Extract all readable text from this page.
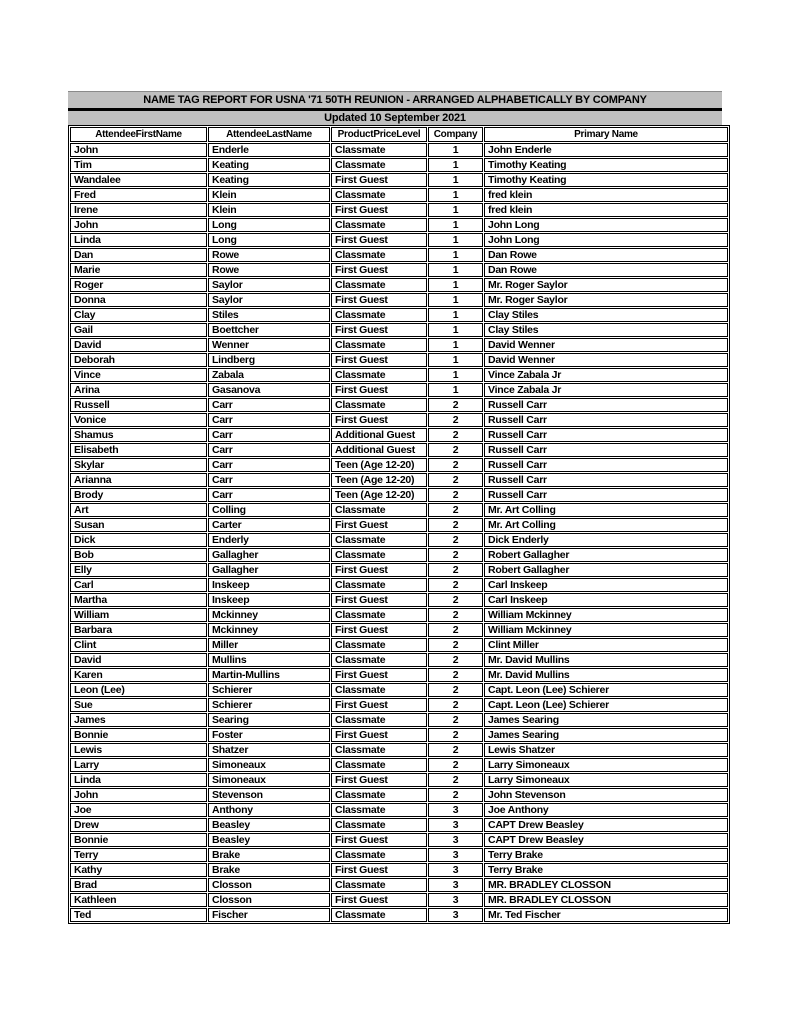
NAME TAG REPORT FOR USNA '71 50TH REUNION - ARRANGED ALPHABETICALLY BY COMPANY
Updated 10 September 2021
AttendeeFirstName	AttendeeLastName	ProductPriceLevel	Company	Primary Name
John	Enderle	Classmate	1	John Enderle
Tim	Keating	Classmate	1	Timothy Keating
Wandalee	Keating	First Guest	1	Timothy Keating
Fred	Klein	Classmate	1	fred klein
Irene	Klein	First Guest	1	fred klein
John	Long	Classmate	1	John Long
Linda	Long	First Guest	1	John Long
Dan	Rowe	Classmate	1	Dan Rowe
Marie	Rowe	First Guest	1	Dan Rowe
Roger	Saylor	Classmate	1	Mr. Roger Saylor
Donna	Saylor	First Guest	1	Mr. Roger Saylor
Clay	Stiles	Classmate	1	Clay Stiles
Gail	Boettcher	First Guest	1	Clay Stiles
David	Wenner	Classmate	1	David Wenner
Deborah	Lindberg	First Guest	1	David Wenner
Vince	Zabala	Classmate	1	Vince Zabala Jr
Arina	Gasanova	First Guest	1	Vince Zabala Jr
Russell	Carr	Classmate	2	Russell Carr
Vonice	Carr	First Guest	2	Russell Carr
Shamus	Carr	Additional Guest	2	Russell Carr
Elisabeth	Carr	Additional Guest	2	Russell Carr
Skylar	Carr	Teen (Age 12-20)	2	Russell Carr
Arianna	Carr	Teen (Age 12-20)	2	Russell Carr
Brody	Carr	Teen (Age 12-20)	2	Russell Carr
Art	Colling	Classmate	2	Mr. Art Colling
Susan	Carter	First Guest	2	Mr. Art Colling
Dick	Enderly	Classmate	2	Dick Enderly
Bob	Gallagher	Classmate	2	Robert Gallagher
Elly	Gallagher	First Guest	2	Robert Gallagher
Carl	Inskeep	Classmate	2	Carl Inskeep
Martha	Inskeep	First Guest	2	Carl Inskeep
William	Mckinney	Classmate	2	William Mckinney
Barbara	Mckinney	First Guest	2	William Mckinney
Clint	Miller	Classmate	2	Clint Miller
David	Mullins	Classmate	2	Mr. David Mullins
Karen	Martin-Mullins	First Guest	2	Mr. David Mullins
Leon (Lee)	Schierer	Classmate	2	Capt. Leon (Lee) Schierer
Sue	Schierer	First Guest	2	Capt. Leon (Lee) Schierer
James	Searing	Classmate	2	James Searing
Bonnie	Foster	First Guest	2	James Searing
Lewis	Shatzer	Classmate	2	Lewis Shatzer
Larry	Simoneaux	Classmate	2	Larry Simoneaux
Linda	Simoneaux	First Guest	2	Larry Simoneaux
John	Stevenson	Classmate	2	John Stevenson
Joe	Anthony	Classmate	3	Joe Anthony
Drew	Beasley	Classmate	3	CAPT Drew Beasley
Bonnie	Beasley	First Guest	3	CAPT Drew Beasley
Terry	Brake	Classmate	3	Terry Brake
Kathy	Brake	First Guest	3	Terry Brake
Brad	Closson	Classmate	3	MR. BRADLEY CLOSSON
Kathleen	Closson	First Guest	3	MR. BRADLEY CLOSSON
Ted	Fischer	Classmate	3	Mr. Ted Fischer
